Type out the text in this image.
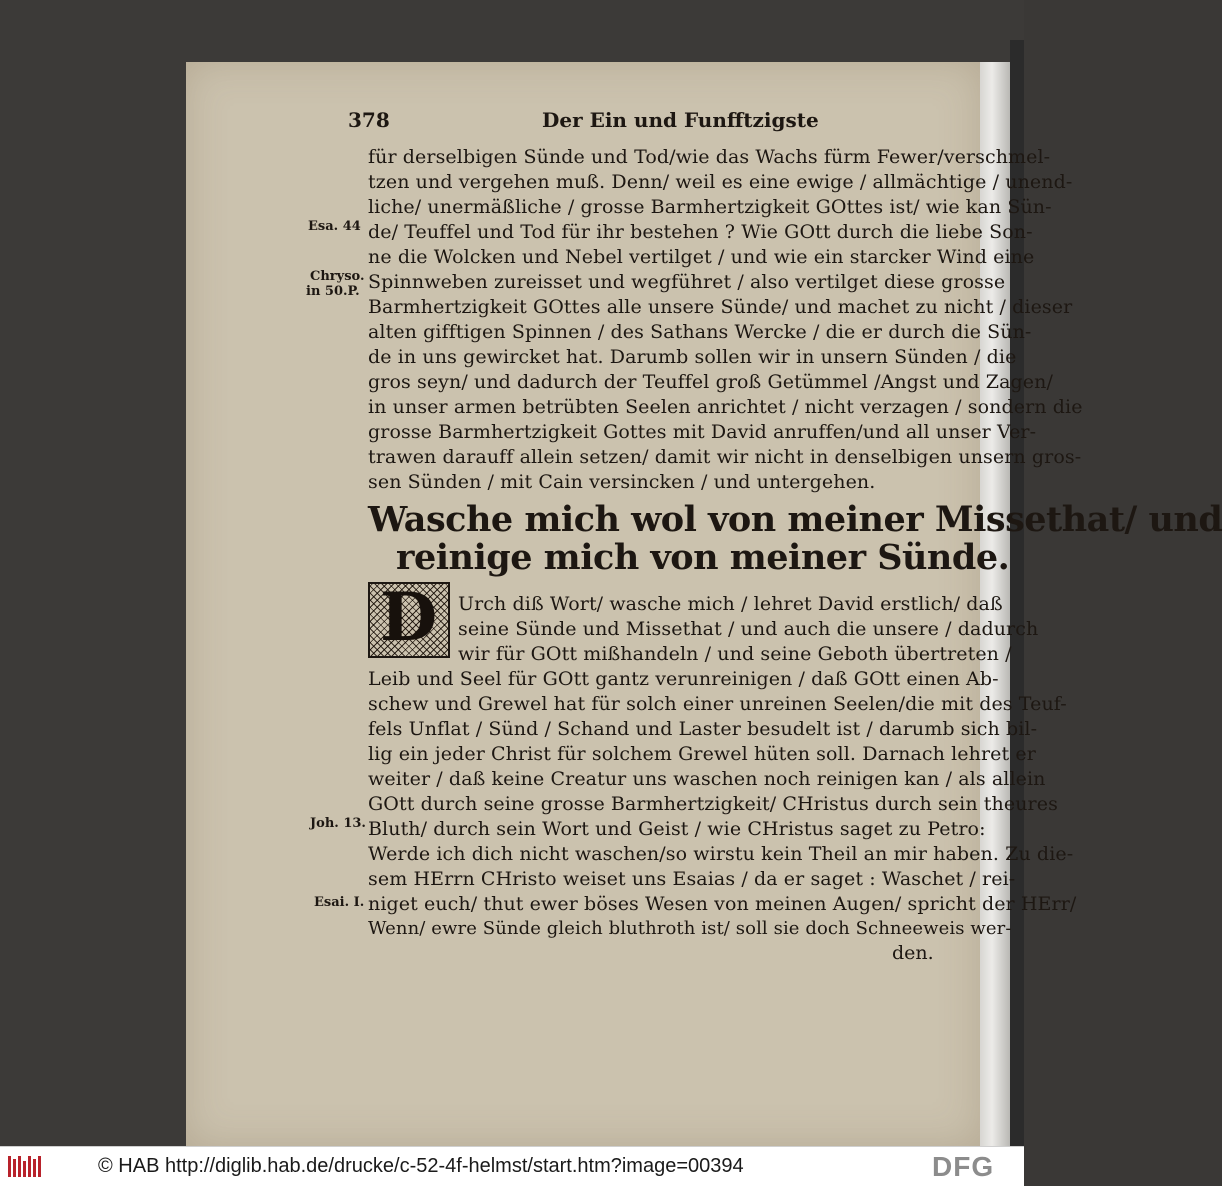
378	Der Ein und Funfftzigste
für derselbigen Sünde und Tod/wie das Wachs fürm Fewer/verschmel-
tzen und vergehen muß. Denn/ weil es eine ewige / allmächtige / unend-
liche/ unermäßliche / grosse Barmhertzigkeit GOttes ist/ wie kan Sün-
de/ Teuffel und Tod für ihr bestehen ? Wie GOtt durch die liebe Son-
ne die Wolcken und Nebel vertilget / und wie ein starcker Wind eine
Spinnweben zureisset und wegführet / also vertilget diese grosse
Barmhertzigkeit GOttes alle unsere Sünde/ und machet zu nicht / dieser
alten gifftigen Spinnen / des Sathans Wercke / die er durch die Sün-
de in uns gewircket hat. Darumb sollen wir in unsern Sünden / die
gros seyn/ und dadurch der Teuffel groß Getümmel /Angst und Zagen/
in unser armen betrübten Seelen anrichtet / nicht verzagen / sondern die
grosse Barmhertzigkeit Gottes mit David anruffen/und all unser Ver-
trawen darauff allein setzen/ damit wir nicht in denselbigen unsern gros-
sen Sünden / mit Cain versincken / und untergehen.
Wasche mich wol von meiner Missethat/ und
reinige mich von meiner Sünde.
D Urch diß Wort/ wasche mich / lehret David erstlich/ daß
seine Sünde und Missethat / und auch die unsere / dadurch
wir für GOtt mißhandeln / und seine Geboth übertreten /
Leib und Seel für GOtt gantz verunreinigen / daß GOtt einen Ab-
schew und Grewel hat für solch einer unreinen Seelen/die mit des Teuf-
fels Unflat / Sünd / Schand und Laster besudelt ist / darumb sich bil-
lig ein jeder Christ für solchem Grewel hüten soll. Darnach lehret er
weiter / daß keine Creatur uns waschen noch reinigen kan / als allein
GOtt durch seine grosse Barmhertzigkeit/ CHristus durch sein theures
Bluth/ durch sein Wort und Geist / wie CHristus saget zu Petro:
Werde ich dich nicht waschen/so wirstu kein Theil an mir haben. Zu die-
sem HErrn CHristo weiset uns Esaias / da er saget : Waschet / rei-
niget euch/ thut ewer böses Wesen von meinen Augen/ spricht der HErr/
Wenn/ ewre Sünde gleich bluthroth ist/ soll sie doch Schneeweis wer-
den.
Esa. 44
Chryso.
in 50.P.
Joh. 13.
Esai. I.
© HAB http://diglib.hab.de/drucke/c-52-4f-helmst/start.htm?image=00394	DFG
